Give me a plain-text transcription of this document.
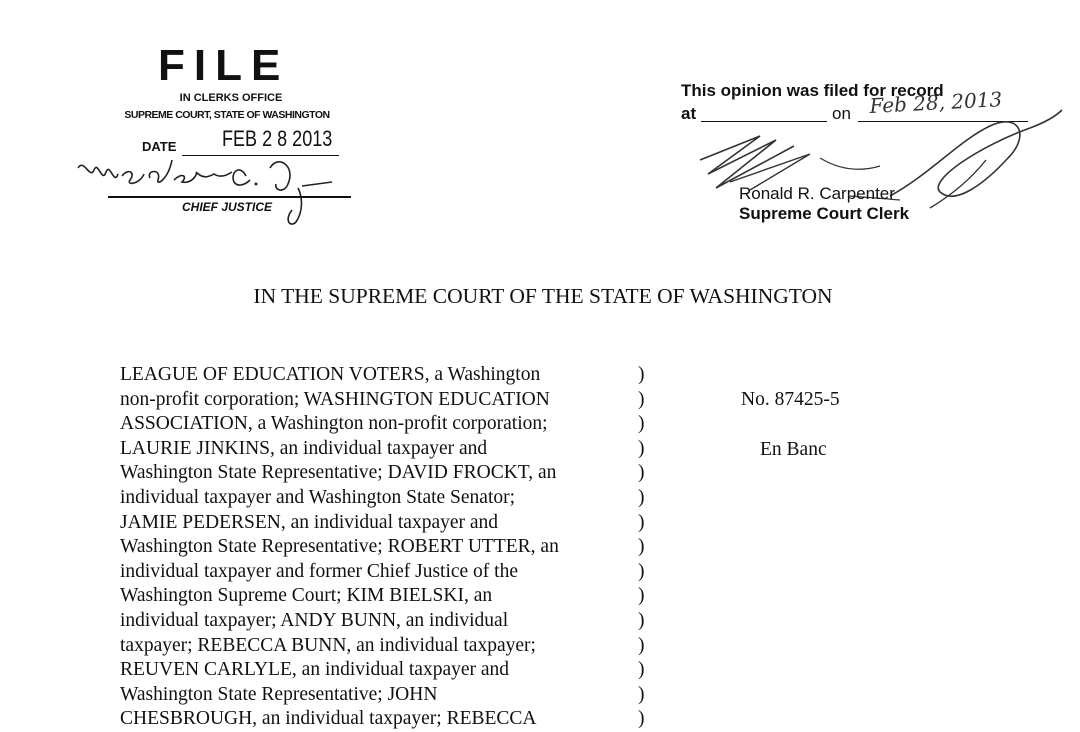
FILE
IN CLERKS OFFICE
SUPREME COURT, STATE OF WASHINGTON
DATE FEB 2 8 2013
CHIEF JUSTICE
This opinion was filed for record
at	on Feb 28, 2013
Ronald R. Carpenter
Supreme Court Clerk
IN THE SUPREME COURT OF THE STATE OF WASHINGTON
LEAGUE OF EDUCATION VOTERS, a Washington
non-profit corporation; WASHINGTON EDUCATION
ASSOCIATION, a Washington non-profit corporation;
LAURIE JINKINS, an individual taxpayer and
Washington State Representative; DAVID FROCKT, an
individual taxpayer and Washington State Senator;
JAMIE PEDERSEN, an individual taxpayer and
Washington State Representative; ROBERT UTTER, an
individual taxpayer and former Chief Justice of the
Washington Supreme Court; KIM BIELSKI, an
individual taxpayer; ANDY BUNN, an individual
taxpayer; REBECCA BUNN, an individual taxpayer;
REUVEN CARLYLE, an individual taxpayer and
Washington State Representative; JOHN
CHESBROUGH, an individual taxpayer; REBECCA
)
)
)
)
)
)
)
)
)
)
)
)
)
)
)
No. 87425-5
En Banc
